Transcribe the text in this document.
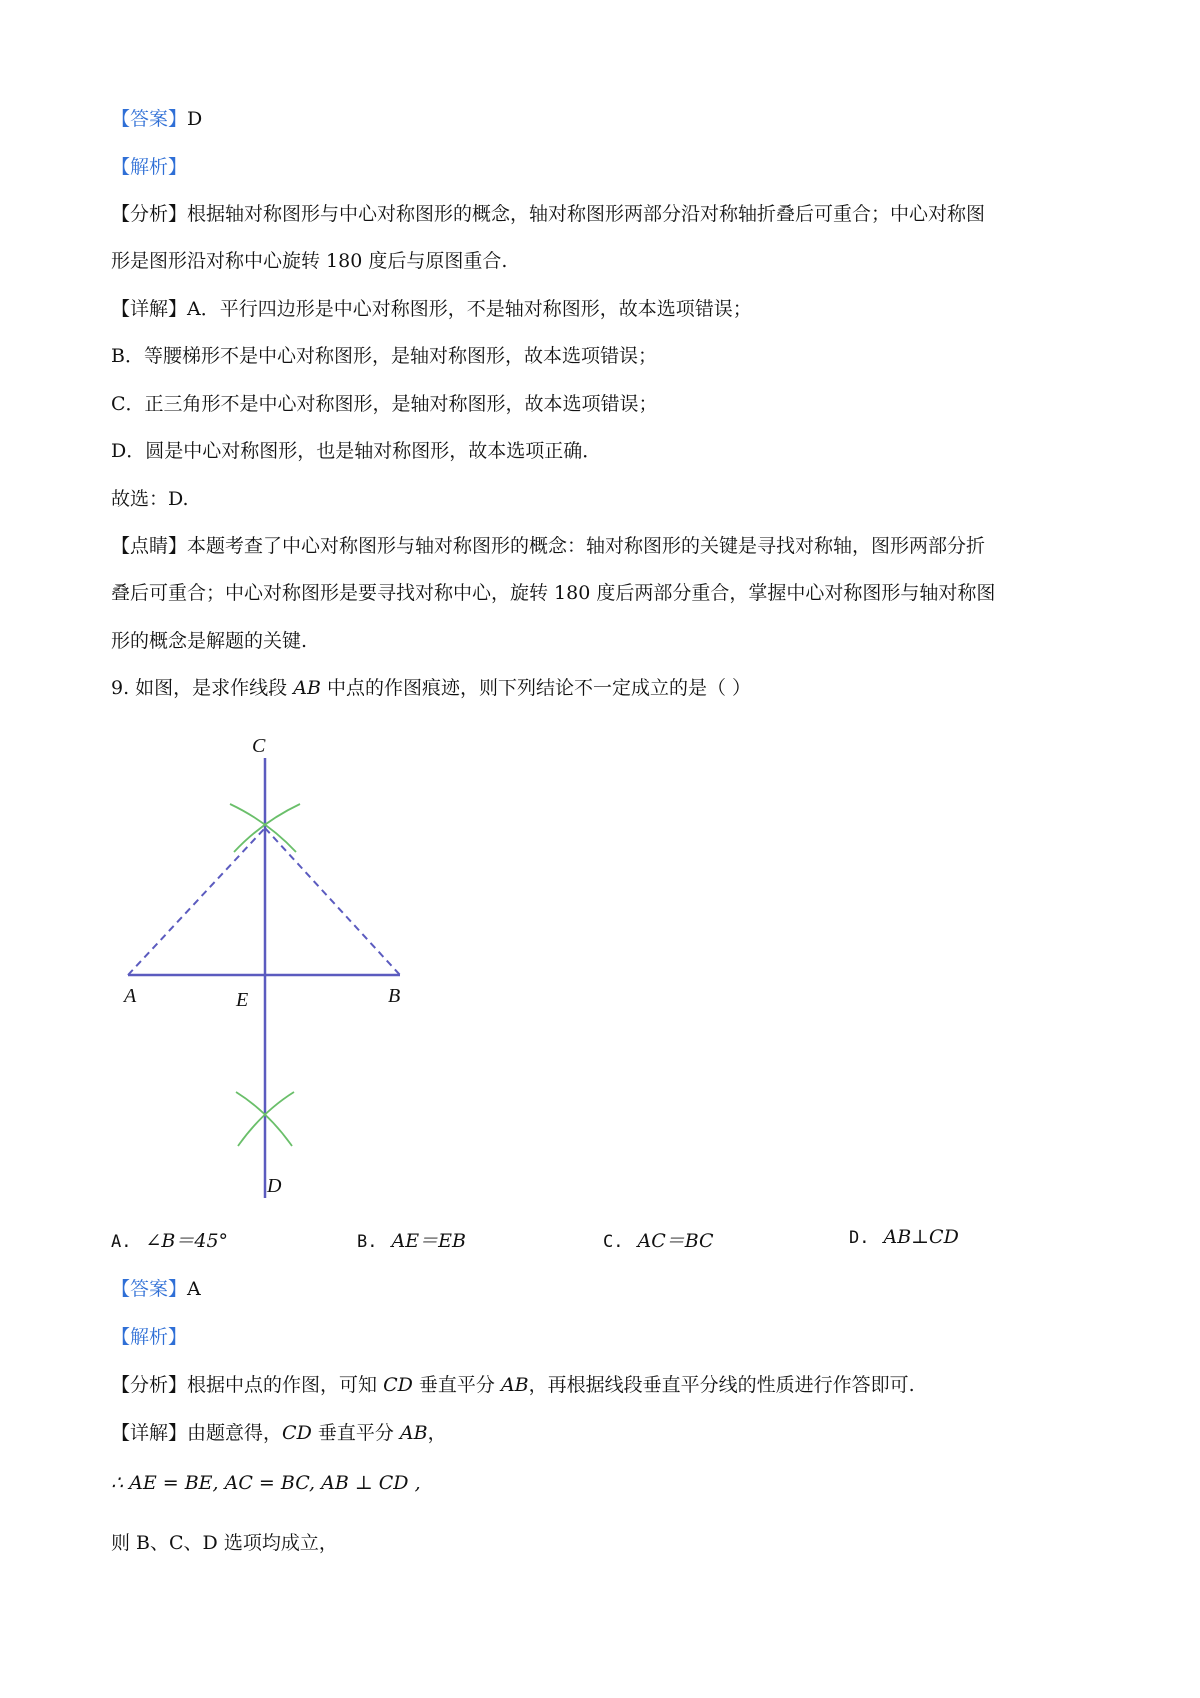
【答案】D
【解析】
【分析】根据轴对称图形与中心对称图形的概念，轴对称图形两部分沿对称轴折叠后可重合；中心对称图
形是图形沿对称中心旋转 180 度后与原图重合.
【详解】A．平行四边形是中心对称图形，不是轴对称图形，故本选项错误；
B．等腰梯形不是中心对称图形，是轴对称图形，故本选项错误；
C．正三角形不是中心对称图形，是轴对称图形，故本选项错误；
D．圆是中心对称图形，也是轴对称图形，故本选项正确．
故选：D.
【点睛】本题考查了中心对称图形与轴对称图形的概念：轴对称图形的关键是寻找对称轴，图形两部分折
叠后可重合；中心对称图形是要寻找对称中心，旋转 180 度后两部分重合，掌握中心对称图形与轴对称图
形的概念是解题的关键.
9. 如图，是求作线段 AB 中点的作图痕迹，则下列结论不一定成立的是（ ）
C
A	E	B
D
A. ∠B＝45°	B. AE＝EB	C. AC＝BC	D. AB⊥CD
【答案】A
【解析】
【分析】根据中点的作图，可知 CD 垂直平分 AB，再根据线段垂直平分线的性质进行作答即可.
【详解】由题意得，CD 垂直平分 AB，
∴ AE = BE, AC = BC, AB ⊥ CD ,
则 B、C、D 选项均成立，
